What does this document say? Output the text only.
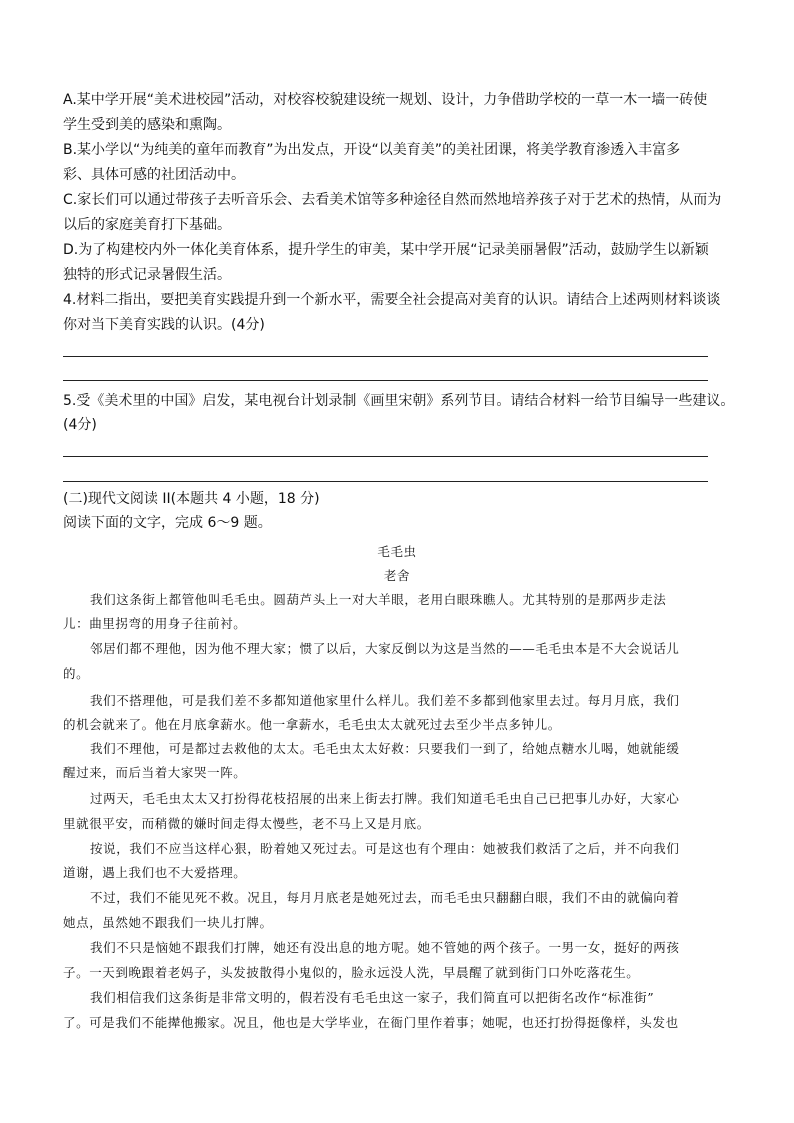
A.某中学开展“美术进校园”活动，对校容校貌建设统一规划、设计，力争借助学校的一草一木一墙一砖使
学生受到美的感染和熏陶。
B.某小学以“为纯美的童年而教育”为出发点，开设“以美育美”的美社团课，将美学教育渗透入丰富多
彩、具体可感的社团活动中。
C.家长们可以通过带孩子去听音乐会、去看美术馆等多种途径自然而然地培养孩子对于艺术的热情，从而为
以后的家庭美育打下基础。
D.为了构建校内外一体化美育体系，提升学生的审美，某中学开展“记录美丽暑假”活动，鼓励学生以新颖
独特的形式记录暑假生活。
4.材料二指出，要把美育实践提升到一个新水平，需要全社会提高对美育的认识。请结合上述两则材料谈谈
你对当下美育实践的认识。(4分)
5.受《美术里的中国》启发，某电视台计划录制《画里宋朝》系列节目。请结合材料一给节目编导一些建议。
(4分)
(二)现代文阅读 II(本题共 4 小题，18 分)
阅读下面的文字，完成 6～9 题。
毛毛虫
老舍
我们这条街上都管他叫毛毛虫。圆葫芦头上一对大羊眼，老用白眼珠瞧人。尤其特别的是那两步走法
儿：曲里拐弯的用身子往前衬。
邻居们都不理他，因为他不理大家；惯了以后，大家反倒以为这是当然的——毛毛虫本是不大会说话儿
的。
我们不搭理他，可是我们差不多都知道他家里什么样儿。我们差不多都到他家里去过。每月月底，我们
的机会就来了。他在月底拿薪水。他一拿薪水，毛毛虫太太就死过去至少半点多钟儿。
我们不理他，可是都过去救他的太太。毛毛虫太太好救：只要我们一到了，给她点糖水儿喝，她就能缓
醒过来，而后当着大家哭一阵。
过两天，毛毛虫太太又打扮得花枝招展的出来上街去打牌。我们知道毛毛虫自己已把事儿办好，大家心
里就很平安，而稍微的嫌时间走得太慢些，老不马上又是月底。
按说，我们不应当这样心狠，盼着她又死过去。可是这也有个理由：她被我们救活了之后，并不向我们
道谢，遇上我们也不大爱搭理。
不过，我们不能见死不救。况且，每月月底老是她死过去，而毛毛虫只翻翻白眼，我们不由的就偏向着
她点，虽然她不跟我们一块儿打牌。
我们不只是恼她不跟我们打牌，她还有没出息的地方呢。她不管她的两个孩子。一男一女，挺好的两孩
子。一天到晚跟着老妈子，头发披散得小鬼似的，脸永远没人洗，早晨醒了就到街门口外吃落花生。
我们相信我们这条街是非常文明的，假若没有毛毛虫这一家子，我们简直可以把街名改作“标准街”
了。可是我们不能撵他搬家。况且，他也是大学毕业，在衙门里作着事；她呢，也还打扮得挺像样，头发也
